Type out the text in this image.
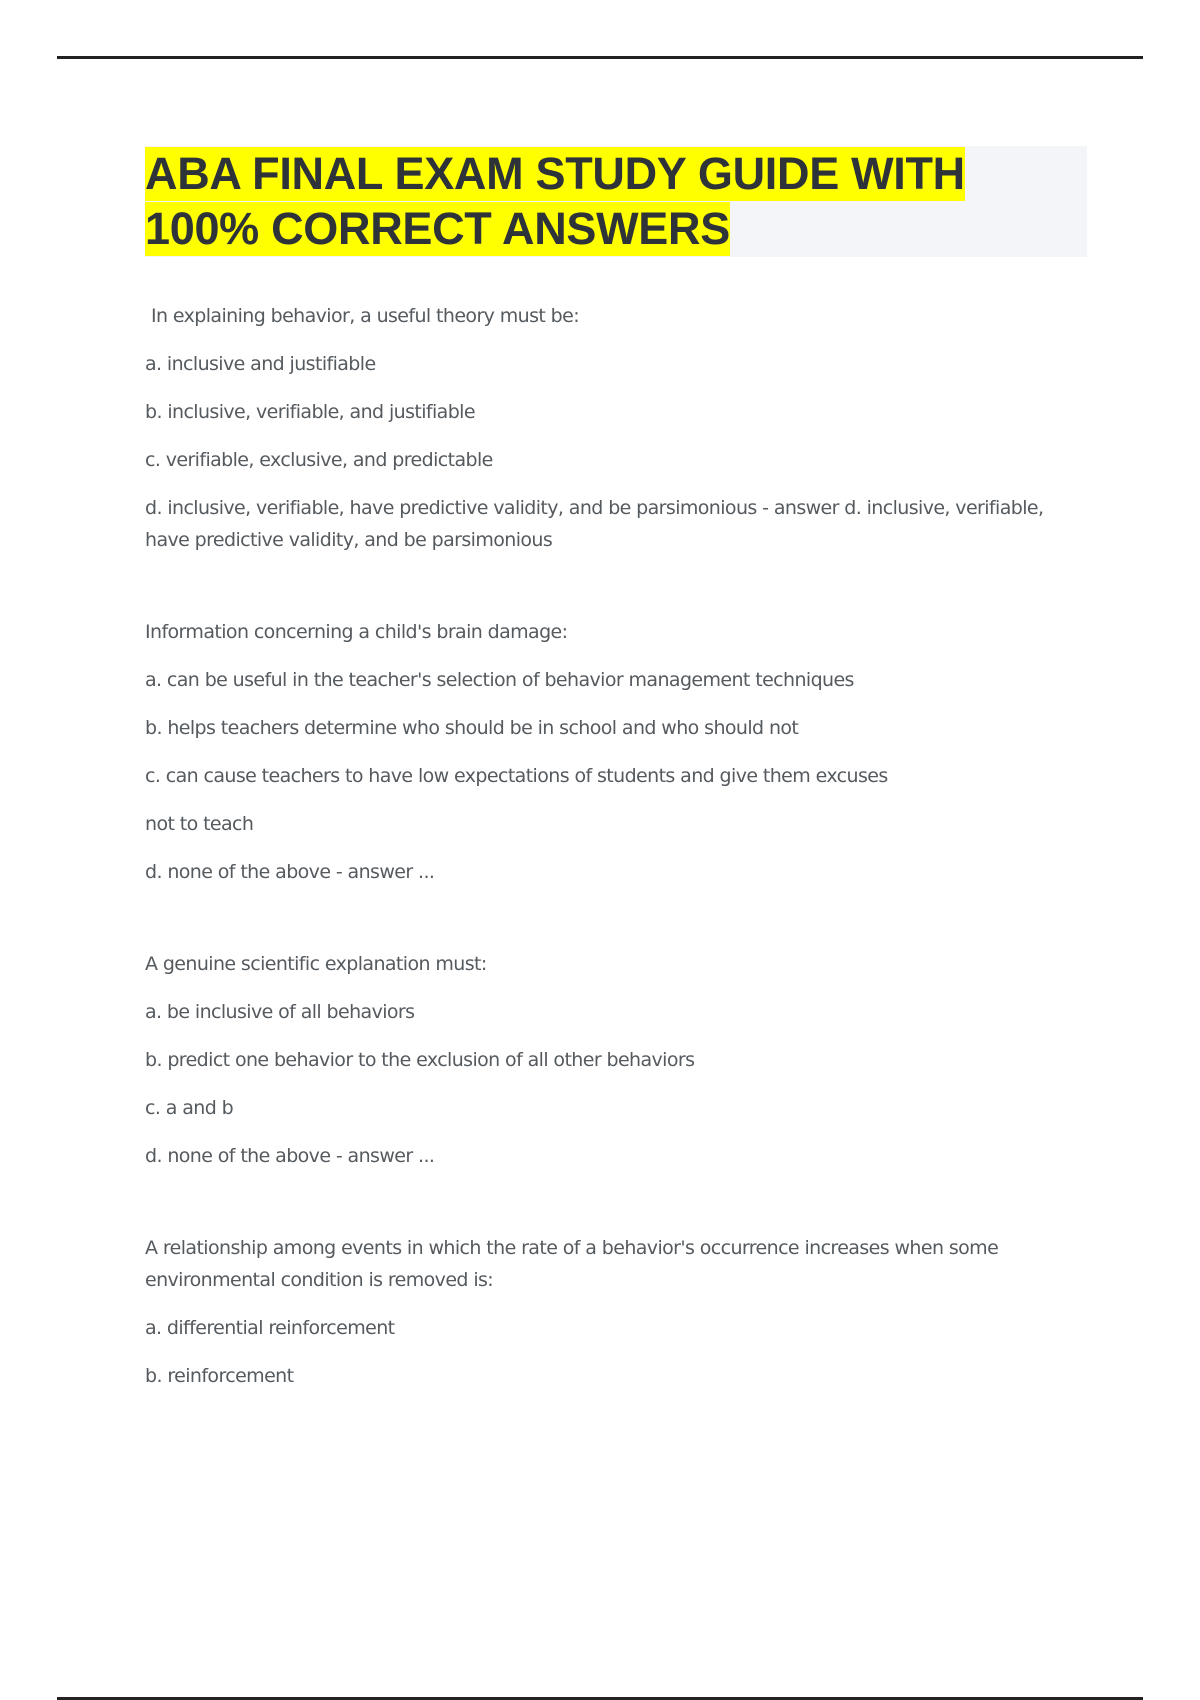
ABA FINAL EXAM STUDY GUIDE WITH
100% CORRECT ANSWERS

In explaining behavior, a useful theory must be:

a. inclusive and justifiable

b. inclusive, verifiable, and justifiable

c. verifiable, exclusive, and predictable

d. inclusive, verifiable, have predictive validity, and be parsimonious - answer d. inclusive, verifiable, have predictive validity, and be parsimonious

Information concerning a child's brain damage:

a. can be useful in the teacher's selection of behavior management techniques

b. helps teachers determine who should be in school and who should not

c. can cause teachers to have low expectations of students and give them excuses

not to teach

d. none of the above - answer ...

A genuine scientific explanation must:

a. be inclusive of all behaviors

b. predict one behavior to the exclusion of all other behaviors

c. a and b

d. none of the above - answer ...

A relationship among events in which the rate of a behavior's occurrence increases when some environmental condition is removed is:

a. differential reinforcement

b. reinforcement
